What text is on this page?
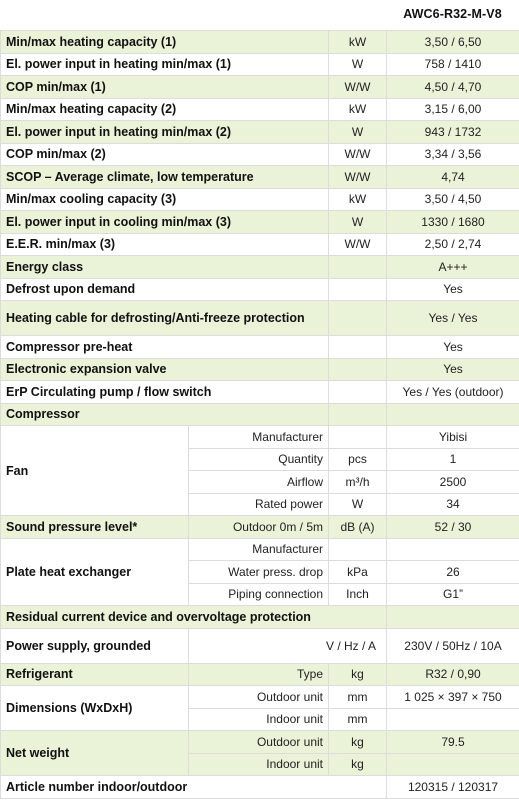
AWC6-R32-M-V8
Min/max heating capacity (1)		kW	3,50 / 6,50
El. power input in heating min/max (1)		W	758 / 1410
COP min/max (1)		W/W	4,50 / 4,70
Min/max heating capacity (2)		kW	3,15 / 6,00
El. power input in heating min/max (2)		W	943 / 1732
COP min/max (2)		W/W	3,34 / 3,56
SCOP – Average climate, low temperature		W/W	4,74
Min/max cooling capacity (3)		kW	3,50 / 4,50
El. power input in cooling min/max (3)		W	1330 / 1680
E.E.R. min/max (3)		W/W	2,50 / 2,74
Energy class			A+++
Defrost upon demand			Yes
Heating cable for defrosting/Anti-freeze protection			Yes / Yes
Compressor pre-heat			Yes
Electronic expansion valve			Yes
ErP Circulating pump / flow switch			Yes / Yes (outdoor)
Compressor			
Fan	Manufacturer		Yibisi
	Quantity	pcs	1
	Airflow	m³/h	2500
	Rated power	W	34
Sound pressure level*	Outdoor 0m / 5m	dB (A)	52 / 30
Plate heat exchanger	Manufacturer		
	Water press. drop	kPa	26
	Piping connection	Inch	G1”
Residual current device and overvoltage protection			
Power supply, grounded	V / Hz / A		230V / 50Hz / 10A
Refrigerant	Type	kg	R32 / 0,90
Dimensions (WxDxH)	Outdoor unit	mm	1 025 × 397 × 750
	Indoor unit	mm	
Net weight	Outdoor unit	kg	79.5
	Indoor unit	kg	
Article number indoor/outdoor			120315 / 120317
